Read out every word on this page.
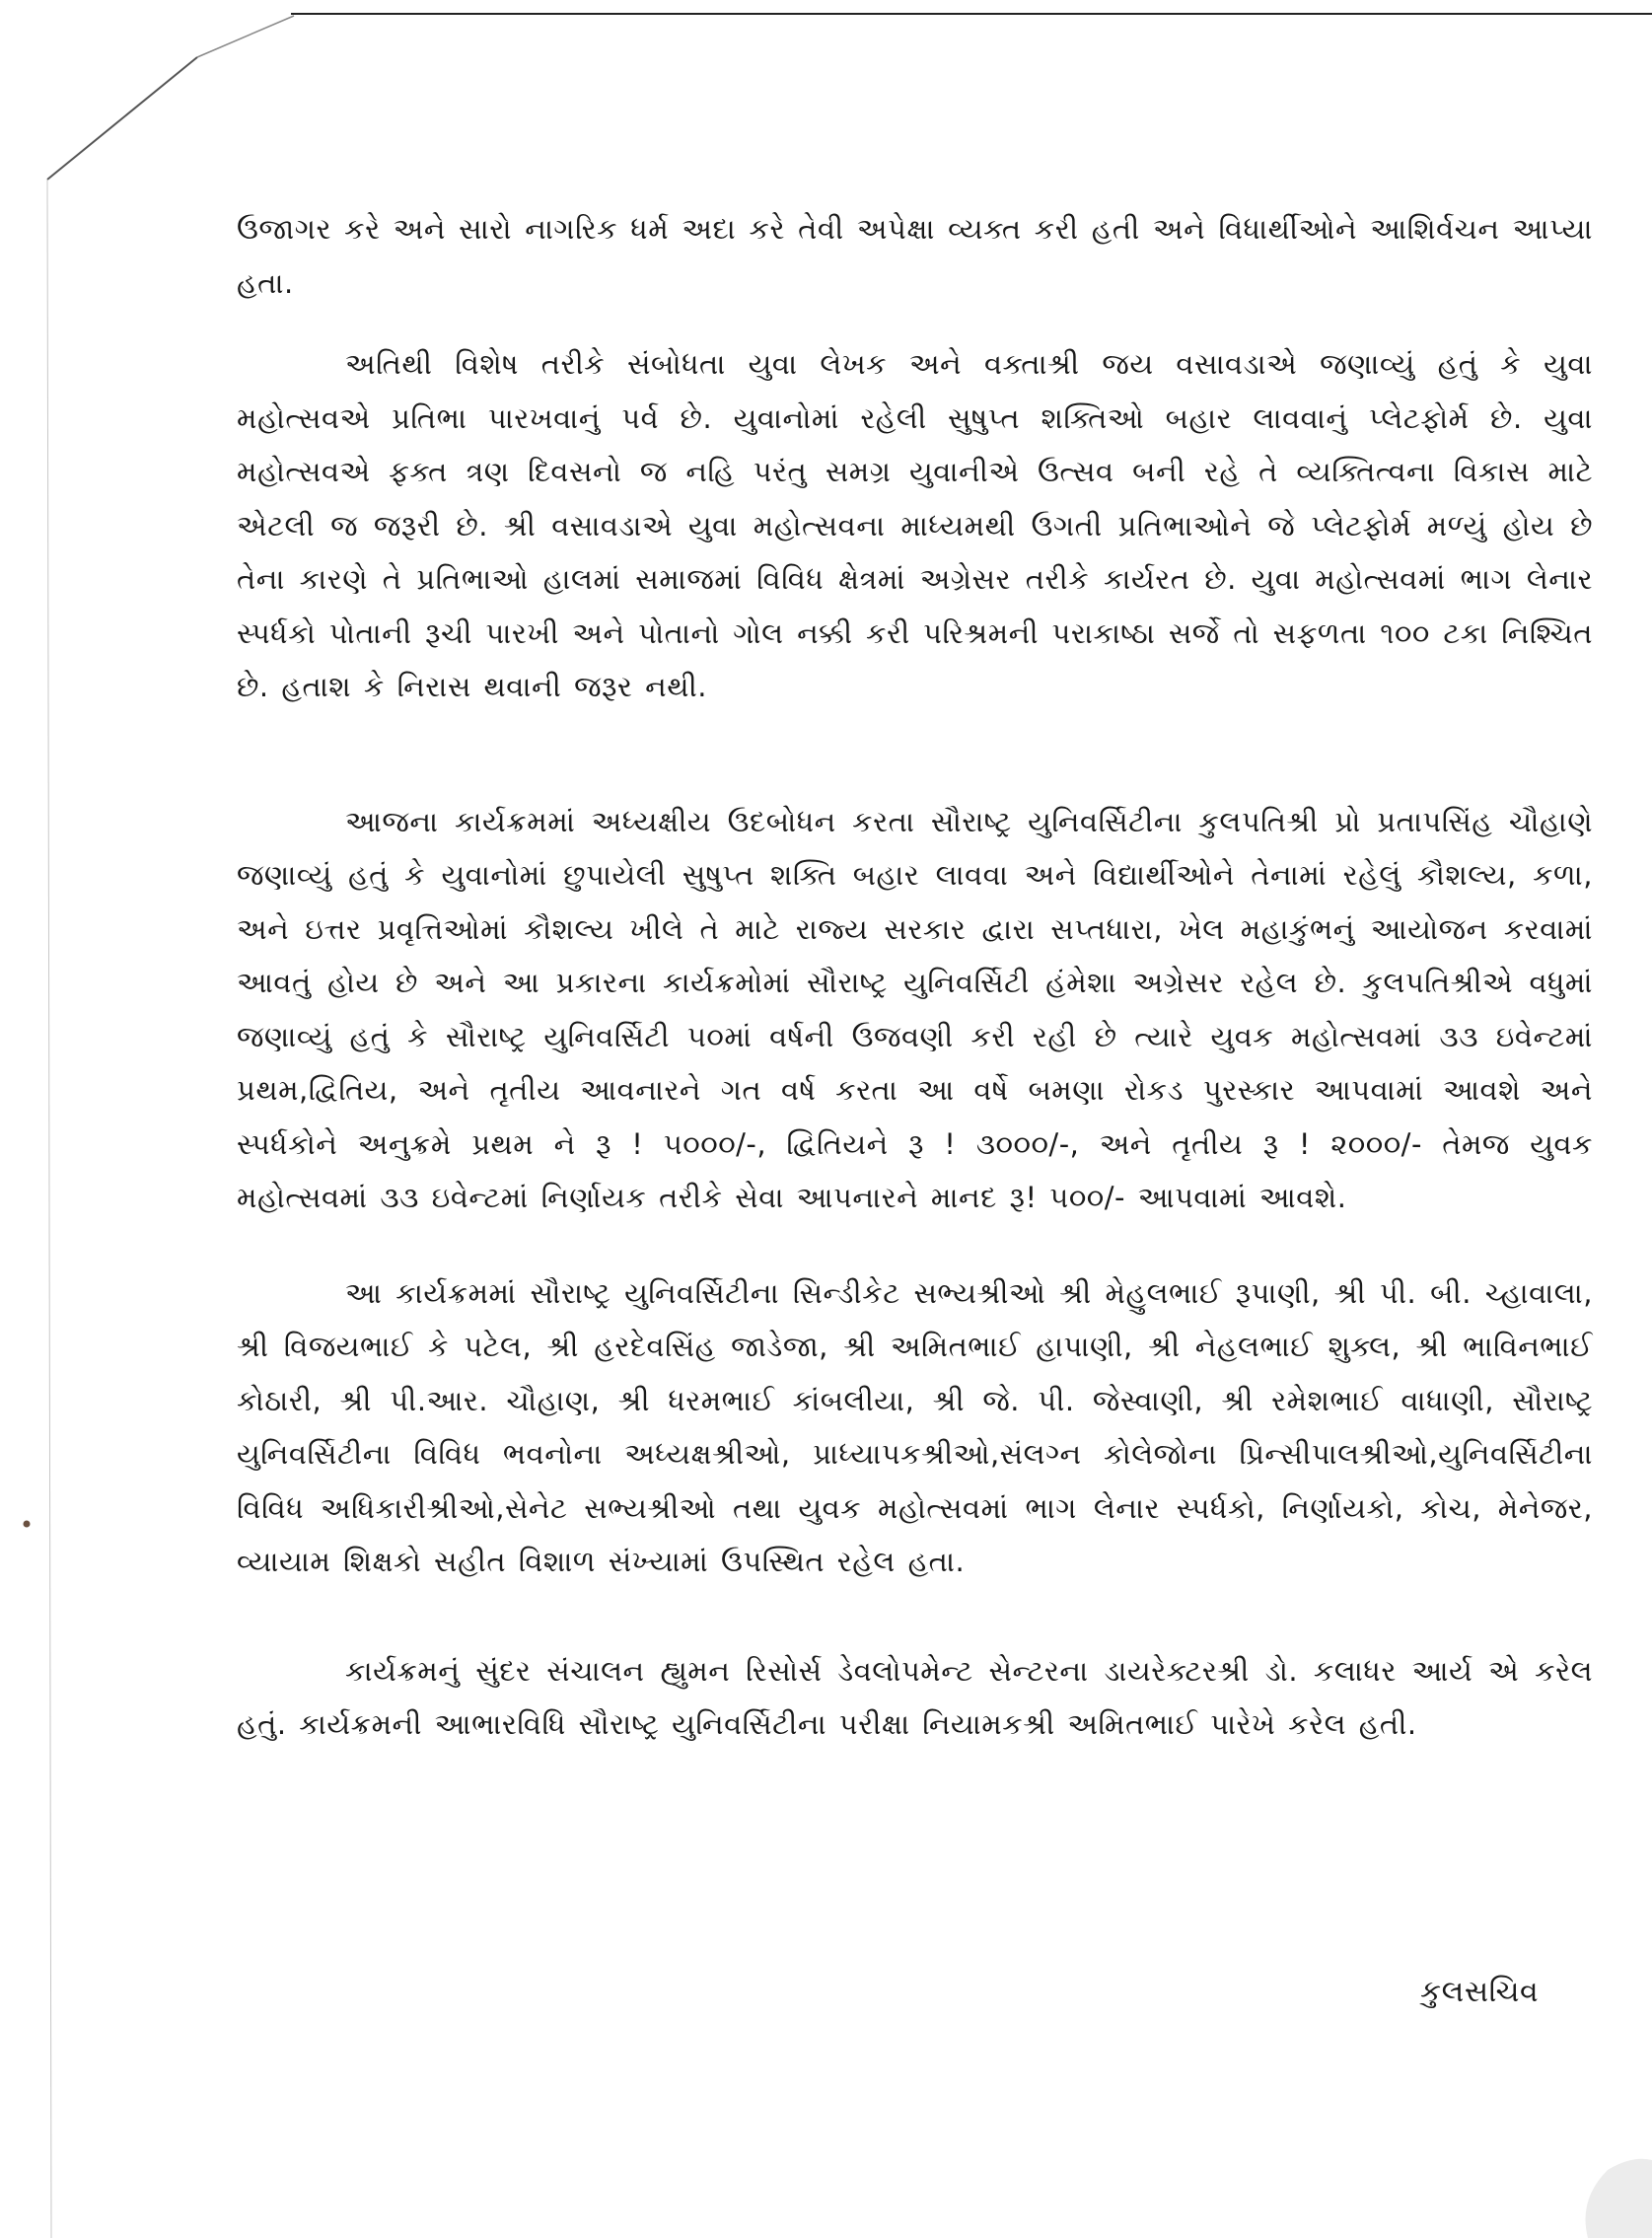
ઉજાગર કરે અને સારો નાગરિક ધર્મ અદા કરે તેવી અપેક્ષા વ્યક્ત કરી હતી અને વિધાર્થીઓને આશિર્વચન આપ્યા હતા.

અતિથી વિશેષ તરીકે સંબોધતા યુવા લેખક અને વક્તાશ્રી જય વસાવડાએ જણાવ્યું હતું કે યુવા મહોત્સવએ પ્રતિભા પારખવાનું પર્વ છે. યુવાનોમાં રહેલી સુષુપ્ત શક્તિઓ બહાર લાવવાનું પ્લેટફોર્મ છે. યુવા મહોત્સવએ ફક્ત ત્રણ દિવસનો જ નહિ પરંતુ સમગ્ર યુવાનીએ ઉત્સવ બની રહે તે વ્યક્તિત્વના વિકાસ માટે એટલી જ જરૂરી છે. શ્રી વસાવડાએ યુવા મહોત્સવના માધ્યમથી ઉગતી પ્રતિભાઓને જે પ્લેટફોર્મ મળ્યું હોય છે તેના કારણે તે પ્રતિભાઓ હાલમાં સમાજમાં વિવિધ ક્ષેત્રમાં અગ્રેસર તરીકે કાર્યરત છે. યુવા મહોત્સવમાં ભાગ લેનાર સ્પર્ધકો પોતાની રૂચી પારખી અને પોતાનો ગોલ નક્કી કરી પરિશ્રમની પરાકાષ્ઠા સર્જે તો સફળતા ૧૦૦ ટકા નિશ્ચિત છે. હતાશ કે નિરાસ થવાની જરૂર નથી.

આજના કાર્યક્રમમાં અધ્યક્ષીય ઉદબોધન કરતા સૌરાષ્ટ્ર યુનિવર્સિટીના કુલપતિશ્રી પ્રો પ્રતાપસિંહ ચૌહાણે જણાવ્યું હતું કે યુવાનોમાં છુપાયેલી સુષુપ્ત શક્તિ બહાર લાવવા અને વિદ્યાર્થીઓને તેનામાં રહેલું કૌશલ્ય, કળા, અને ઇત્તર પ્રવૃત્તિઓમાં કૌશલ્ય ખીલે તે માટે રાજ્ય સરકાર દ્વારા સપ્તધારા, ખેલ મહાકુંભનું આયોજન કરવામાં આવતું હોય છે અને આ પ્રકારના કાર્યક્રમોમાં સૌરાષ્ટ્ર યુનિવર્સિટી હંમેશા અગ્રેસર રહેલ છે. કુલપતિશ્રીએ વધુમાં જણાવ્યું હતું કે સૌરાષ્ટ્ર યુનિવર્સિટી ૫૦માં વર્ષની ઉજવણી કરી રહી છે ત્યારે યુવક મહોત્સવમાં ૩૩ ઇવેન્ટમાં પ્રથમ,દ્વિતિય, અને તૃતીય આવનારને ગત વર્ષ કરતા આ વર્ષે બમણા રોકડ પુરસ્કાર આપવામાં આવશે અને સ્પર્ધકોને અનુક્રમે પ્રથમ ને રૂ ! ૫૦૦૦/-, દ્વિતિયને રૂ ! ૩૦૦૦/-, અને તૃતીય રૂ ! ૨૦૦૦/- તેમજ યુવક મહોત્સવમાં ૩૩ ઇવેન્ટમાં નિર્ણાયક તરીકે સેવા આપનારને માનદ રૂ! ૫૦૦/- આપવામાં આવશે.

આ કાર્યક્રમમાં સૌરાષ્ટ્ર યુનિવર્સિટીના સિન્ડીકેટ સભ્યશ્રીઓ શ્રી મેહુલભાઈ રૂપાણી, શ્રી પી. બી. ચ્હાવાલા, શ્રી વિજયભાઈ કે પટેલ, શ્રી હરદેવસિંહ જાડેજા, શ્રી અમિતભાઈ હાપાણી, શ્રી નેહલભાઈ શુક્લ, શ્રી ભાવિનભાઈ કોઠારી, શ્રી પી.આર. ચૌહાણ, શ્રી ધરમભાઈ કાંબલીયા, શ્રી જે. પી. જેસ્વાણી, શ્રી રમેશભાઈ વાધાણી, સૌરાષ્ટ્ર યુનિવર્સિટીના વિવિધ ભવનોના અધ્યક્ષશ્રીઓ, પ્રાધ્યાપકશ્રીઓ,સંલગ્ન કોલેજોના પ્રિન્સીપાલશ્રીઓ,યુનિવર્સિટીના વિવિધ અધિકારીશ્રીઓ,સેનેટ સભ્યશ્રીઓ તથા યુવક મહોત્સવમાં ભાગ લેનાર સ્પર્ધકો, નિર્ણાયકો, કોચ, મેનેજર, વ્યાયામ શિક્ષકો સહીત વિશાળ સંખ્યામાં ઉપસ્થિત રહેલ હતા.

કાર્યક્રમનું સુંદર સંચાલન હ્યુમન રિસોર્સ ડેવલોપમેન્ટ સેન્ટરના ડાયરેક્ટરશ્રી ડો. કલાધર આર્ય એ કરેલ હતું. કાર્યક્રમની આભારવિધિ સૌરાષ્ટ્ર યુનિવર્સિટીના પરીક્ષા નિયામકશ્રી અમિતભાઈ પારેખે કરેલ હતી.

કુલસચિવ
